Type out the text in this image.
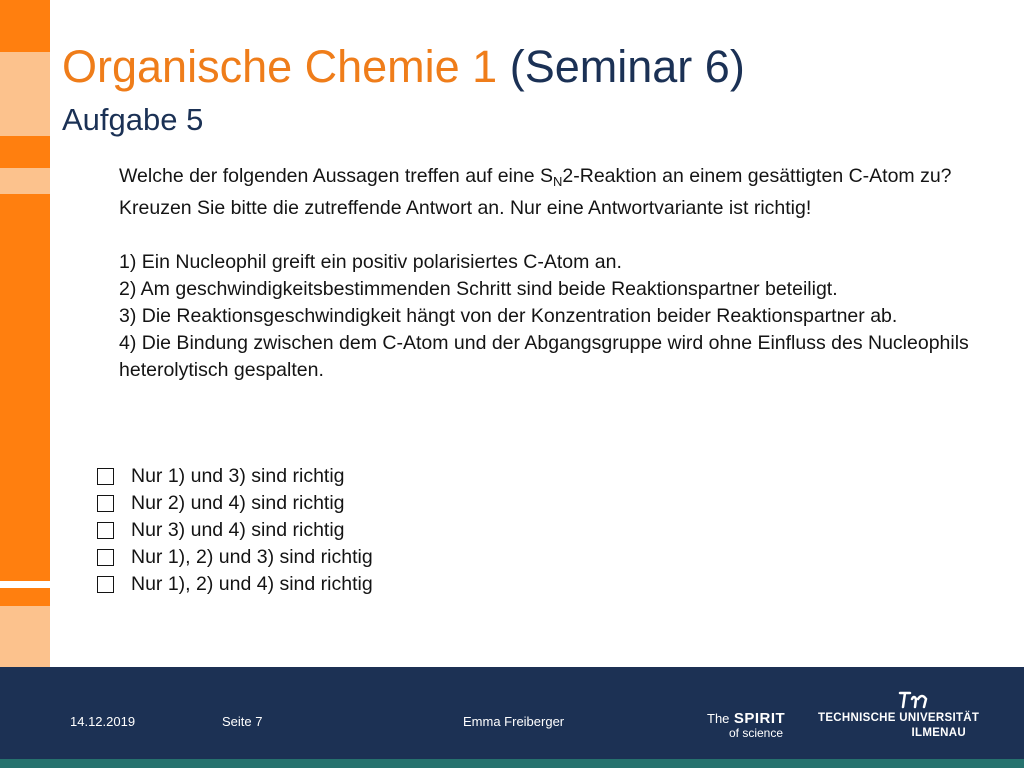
Organische Chemie 1 (Seminar 6)
Aufgabe 5

Welche der folgenden Aussagen treffen auf eine $S_N2$-Reaktion an einem gesättigten C-Atom zu? Kreuzen Sie bitte die zutreffende Antwort an. Nur eine Antwortvariante ist richtig!

1) Ein Nucleophil greift ein positiv polarisiertes C-Atom an.

2) Am geschwindigkeitsbestimmenden Schritt sind beide Reaktionspartner beteiligt.

3) Die Reaktionsgeschwindigkeit hängt von der Konzentration beider Reaktionspartner ab.

4) Die Bindung zwischen dem C-Atom und der Abgangsgruppe wird ohne Einfluss des Nucleophils heterolytisch gespalten.

Nur 1) und 3) sind richtig
Nur 2) und 4) sind richtig
Nur 3) und 4) sind richtig
Nur 1), 2) und 3) sind richtig
Nur 1), 2) und 4) sind richtig
14.12.2019	Seite 7	Emma Freiberger	The SPIRIT
of science
TECHNISCHE UNIVERSITÄT
ILMENAU
